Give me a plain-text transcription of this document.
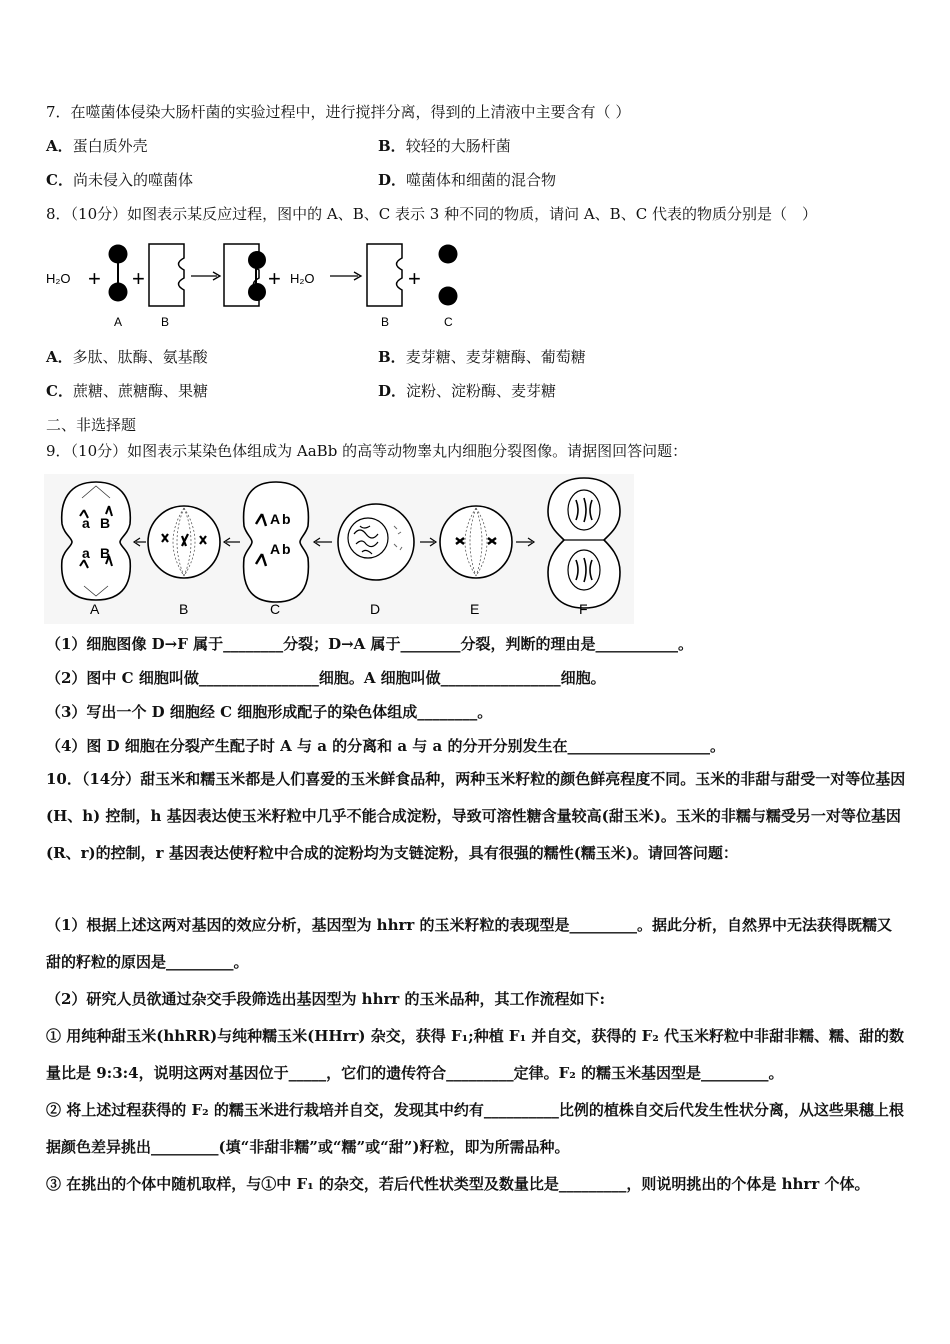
7．在噬菌体侵染大肠杆菌的实验过程中，进行搅拌分离，得到的上清液中主要含有（ ）
A．蛋白质外壳	B．较轻的大肠杆菌
C．尚未侵入的噬菌体	D．噬菌体和细菌的混合物
8．（10分）如图表示某反应过程，图中的 A、B、C 表示 3 种不同的物质，请问 A、B、C 代表的物质分别是（　）
H₂O + +	+ H₂O	+
A	B	B	C
A．多肽、肽酶、氨基酸	B．麦芽糖、麦芽糖酶、葡萄糖
C．蔗糖、蔗糖酶、果糖	D．淀粉、淀粉酶、麦芽糖
二、非选择题
9．（10分）如图表示某染色体组成为 AaBb 的高等动物睾丸内细胞分裂图像。请据图回答问题：
a B
a B
A b
A b
A	B	C	D	E	F
（1）细胞图像 D→F 属于________分裂；D→A 属于________分裂，判断的理由是___________。
（2）图中 C 细胞叫做________________细胞。A 细胞叫做________________细胞。
（3）写出一个 D 细胞经 C 细胞形成配子的染色体组成________。
（4）图 D 细胞在分裂产生配子时 A 与 a 的分离和 a 与 a 的分开分别发生在___________________。
10．（14分）甜玉米和糯玉米都是人们喜爱的玉米鲜食品种，两种玉米籽粒的颜色鲜亮程度不同。玉米的非甜与甜受一对等位基因(H、h) 控制，h 基因表达使玉米籽粒中几乎不能合成淀粉，导致可溶性糖含量较高(甜玉米)。玉米的非糯与糯受另一对等位基因 (R、r)的控制，r 基因表达使籽粒中合成的淀粉均为支链淀粉，具有很强的糯性(糯玉米)。请回答问题：
（1）根据上述这两对基因的效应分析，基因型为 hhrr 的玉米籽粒的表现型是_________。据此分析，自然界中无法获得既糯又甜的籽粒的原因是_________。
（2）研究人员欲通过杂交手段筛选出基因型为 hhrr 的玉米品种，其工作流程如下:
① 用纯种甜玉米(hhRR)与纯种糯玉米(HHrr) 杂交，获得 F₁;种植 F₁ 并自交，获得的 F₂ 代玉米籽粒中非甜非糯、糯、甜的数量比是 9:3:4，说明这两对基因位于_____，它们的遗传符合_________定律。F₂ 的糯玉米基因型是_________。
② 将上述过程获得的 F₂ 的糯玉米进行栽培并自交，发现其中约有__________比例的植株自交后代发生性状分离，从这些果穗上根据颜色差异挑出_________(填“非甜非糯”或“糯”或“甜”)籽粒，即为所需品种。
③ 在挑出的个体中随机取样，与①中 F₁ 的杂交，若后代性状类型及数量比是_________，则说明挑出的个体是 hhrr 个体。
